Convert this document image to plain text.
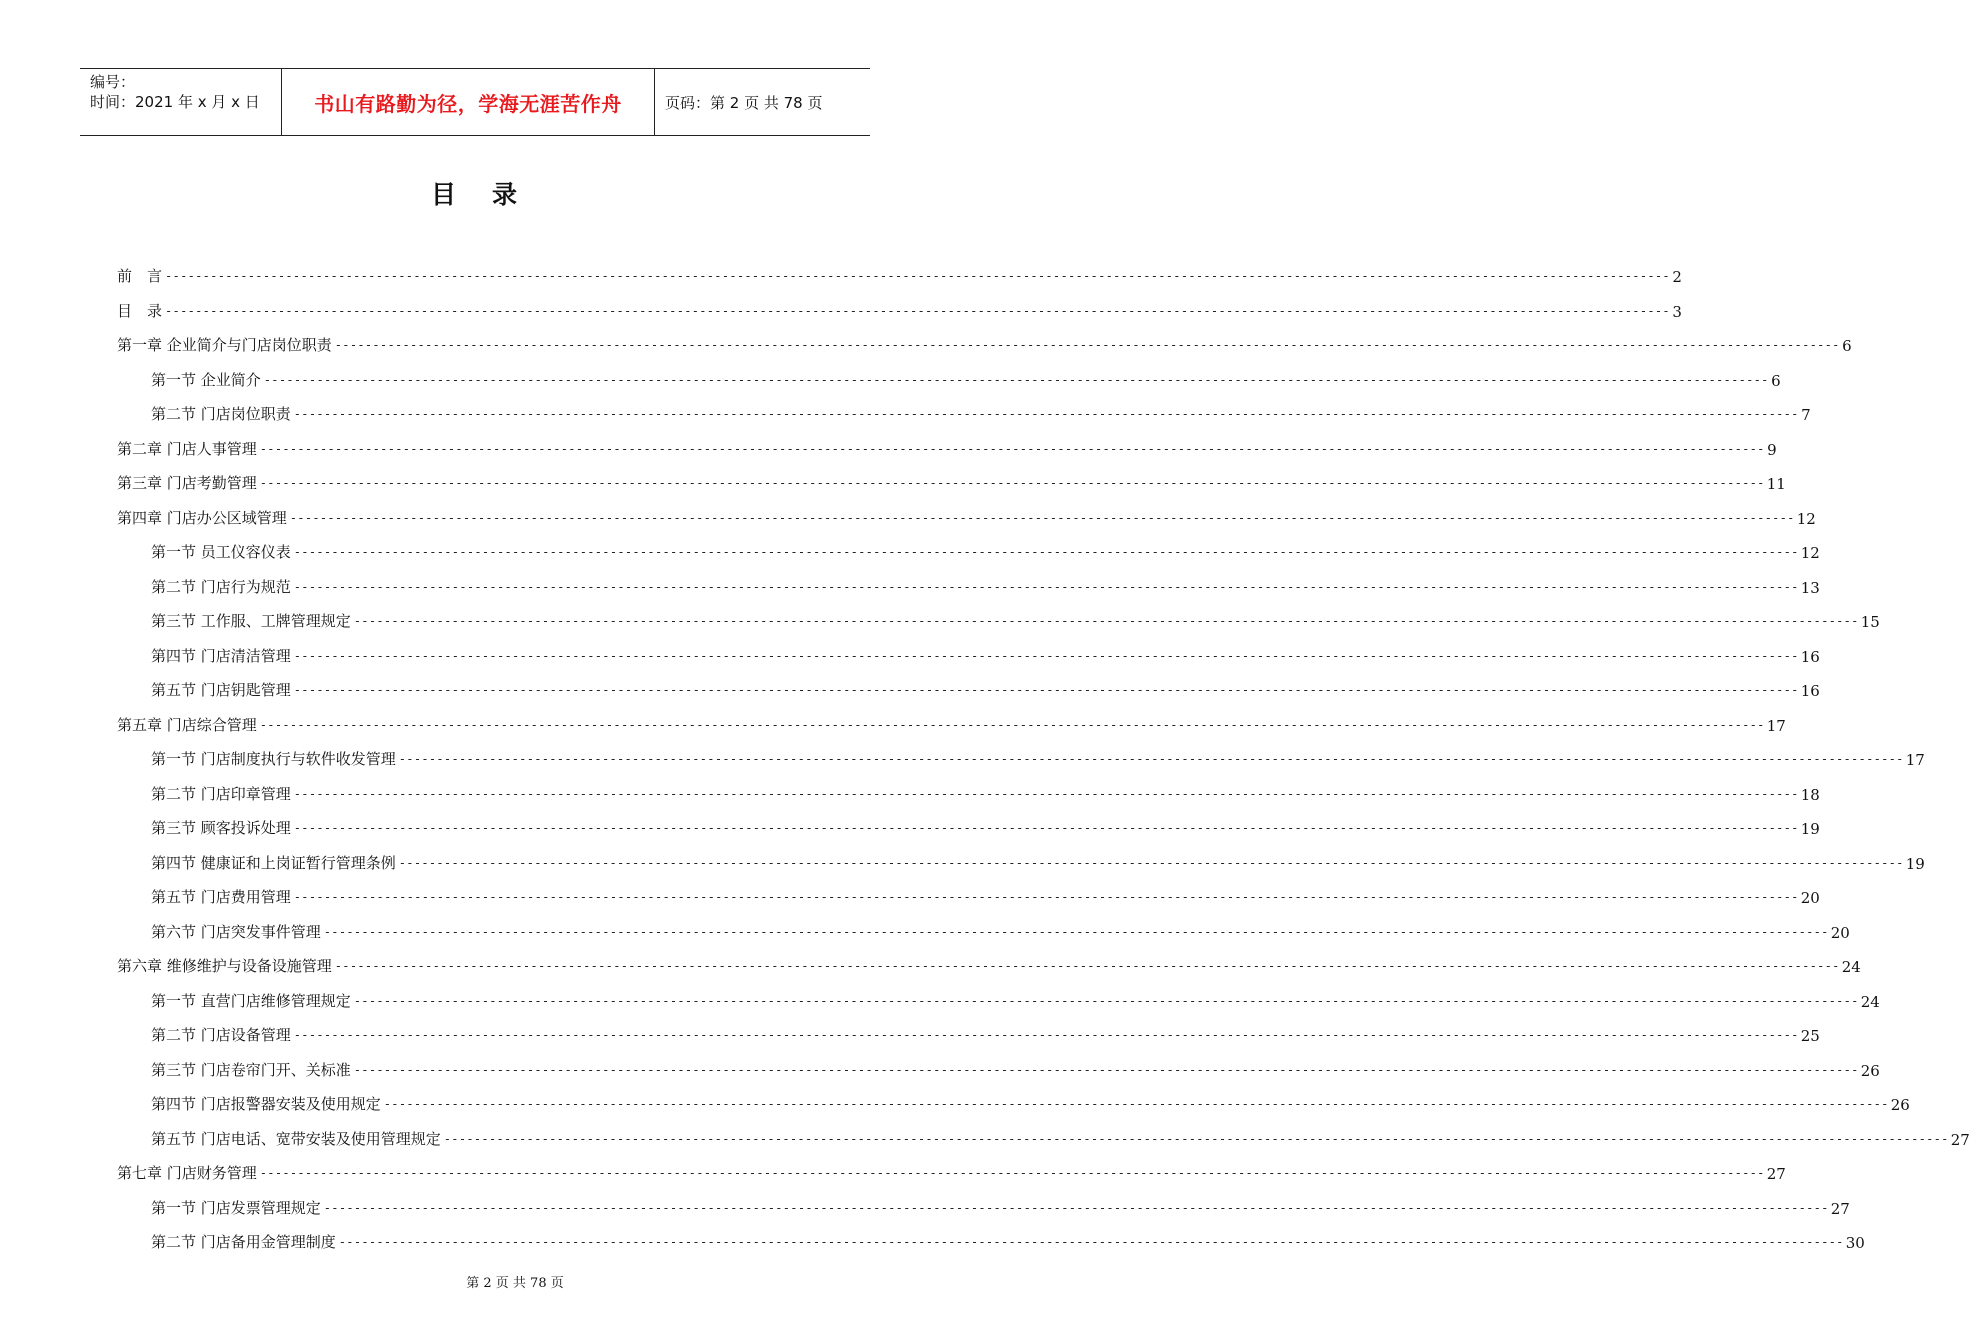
编号：
时间：2021 年 x 月 x 日	书山有路勤为径，学海无涯苦作舟	页码：第 2 页 共 78 页
目 录
前　言 -------------------------------------------------------------------------------------------------------------------------------------------------------------------------------------------------------- 2
目　录 -------------------------------------------------------------------------------------------------------------------------------------------------------------------------------------------------------- 3
第一章 企业简介与门店岗位职责 -------------------------------------------------------------------------------------------------------------------------------------------------------------------------------------------------------- 6
第一节 企业简介 -------------------------------------------------------------------------------------------------------------------------------------------------------------------------------------------------------- 6
第二节 门店岗位职责 -------------------------------------------------------------------------------------------------------------------------------------------------------------------------------------------------------- 7
第二章 门店人事管理 -------------------------------------------------------------------------------------------------------------------------------------------------------------------------------------------------------- 9
第三章 门店考勤管理 -------------------------------------------------------------------------------------------------------------------------------------------------------------------------------------------------------- 11
第四章 门店办公区域管理 -------------------------------------------------------------------------------------------------------------------------------------------------------------------------------------------------------- 12
第一节 员工仪容仪表 -------------------------------------------------------------------------------------------------------------------------------------------------------------------------------------------------------- 12
第二节 门店行为规范 -------------------------------------------------------------------------------------------------------------------------------------------------------------------------------------------------------- 13
第三节 工作服、工牌管理规定 -------------------------------------------------------------------------------------------------------------------------------------------------------------------------------------------------------- 15
第四节 门店清洁管理 -------------------------------------------------------------------------------------------------------------------------------------------------------------------------------------------------------- 16
第五节 门店钥匙管理 -------------------------------------------------------------------------------------------------------------------------------------------------------------------------------------------------------- 16
第五章 门店综合管理 -------------------------------------------------------------------------------------------------------------------------------------------------------------------------------------------------------- 17
第一节 门店制度执行与软件收发管理 -------------------------------------------------------------------------------------------------------------------------------------------------------------------------------------------------------- 17
第二节 门店印章管理 -------------------------------------------------------------------------------------------------------------------------------------------------------------------------------------------------------- 18
第三节 顾客投诉处理 -------------------------------------------------------------------------------------------------------------------------------------------------------------------------------------------------------- 19
第四节 健康证和上岗证暂行管理条例 -------------------------------------------------------------------------------------------------------------------------------------------------------------------------------------------------------- 19
第五节 门店费用管理 -------------------------------------------------------------------------------------------------------------------------------------------------------------------------------------------------------- 20
第六节 门店突发事件管理 -------------------------------------------------------------------------------------------------------------------------------------------------------------------------------------------------------- 20
第六章 维修维护与设备设施管理 -------------------------------------------------------------------------------------------------------------------------------------------------------------------------------------------------------- 24
第一节 直营门店维修管理规定 -------------------------------------------------------------------------------------------------------------------------------------------------------------------------------------------------------- 24
第二节 门店设备管理 -------------------------------------------------------------------------------------------------------------------------------------------------------------------------------------------------------- 25
第三节 门店卷帘门开、关标准 -------------------------------------------------------------------------------------------------------------------------------------------------------------------------------------------------------- 26
第四节 门店报警器安装及使用规定 -------------------------------------------------------------------------------------------------------------------------------------------------------------------------------------------------------- 26
第五节 门店电话、宽带安装及使用管理规定 -------------------------------------------------------------------------------------------------------------------------------------------------------------------------------------------------------- 27
第七章 门店财务管理 -------------------------------------------------------------------------------------------------------------------------------------------------------------------------------------------------------- 27
第一节 门店发票管理规定 -------------------------------------------------------------------------------------------------------------------------------------------------------------------------------------------------------- 27
第二节 门店备用金管理制度 -------------------------------------------------------------------------------------------------------------------------------------------------------------------------------------------------------- 30
第 2 页 共 78 页
